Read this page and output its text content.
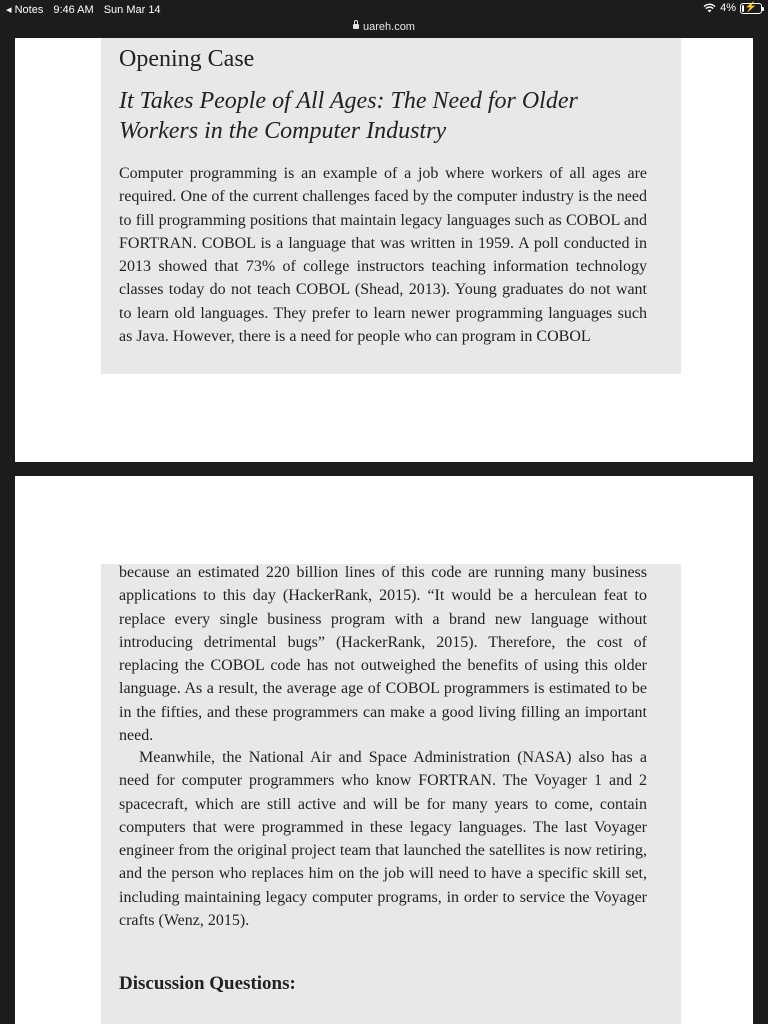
◂ Notes 9:46 AM Sun Mar 14	4% ⚡
uareh.com
Opening Case
It Takes People of All Ages: The Need for Older Workers in the Computer Industry
Computer programming is an example of a job where workers of all ages are required. One of the current challenges faced by the computer industry is the need to fill programming positions that maintain legacy languages such as COBOL and FORTRAN. COBOL is a language that was written in 1959. A poll conducted in 2013 showed that 73% of college instructors teaching information technology classes today do not teach COBOL (Shead, 2013). Young graduates do not want to learn old languages. They prefer to learn newer programming languages such as Java. However, there is a need for people who can program in COBOL
because an estimated 220 billion lines of this code are running many business applications to this day (HackerRank, 2015). “It would be a herculean feat to replace every single business program with a brand new language without introducing detrimental bugs” (HackerRank, 2015). Therefore, the cost of replacing the COBOL code has not outweighed the benefits of using this older language. As a result, the average age of COBOL programmers is estimated to be in the fifties, and these programmers can make a good living filling an important need.
Meanwhile, the National Air and Space Administration (NASA) also has a need for computer programmers who know FORTRAN. The Voyager 1 and 2 spacecraft, which are still active and will be for many years to come, contain computers that were programmed in these legacy languages. The last Voyager engineer from the original project team that launched the satellites is now retiring, and the person who replaces him on the job will need to have a specific skill set, including maintaining legacy computer programs, in order to service the Voyager crafts (Wenz, 2015).
Discussion Questions:
